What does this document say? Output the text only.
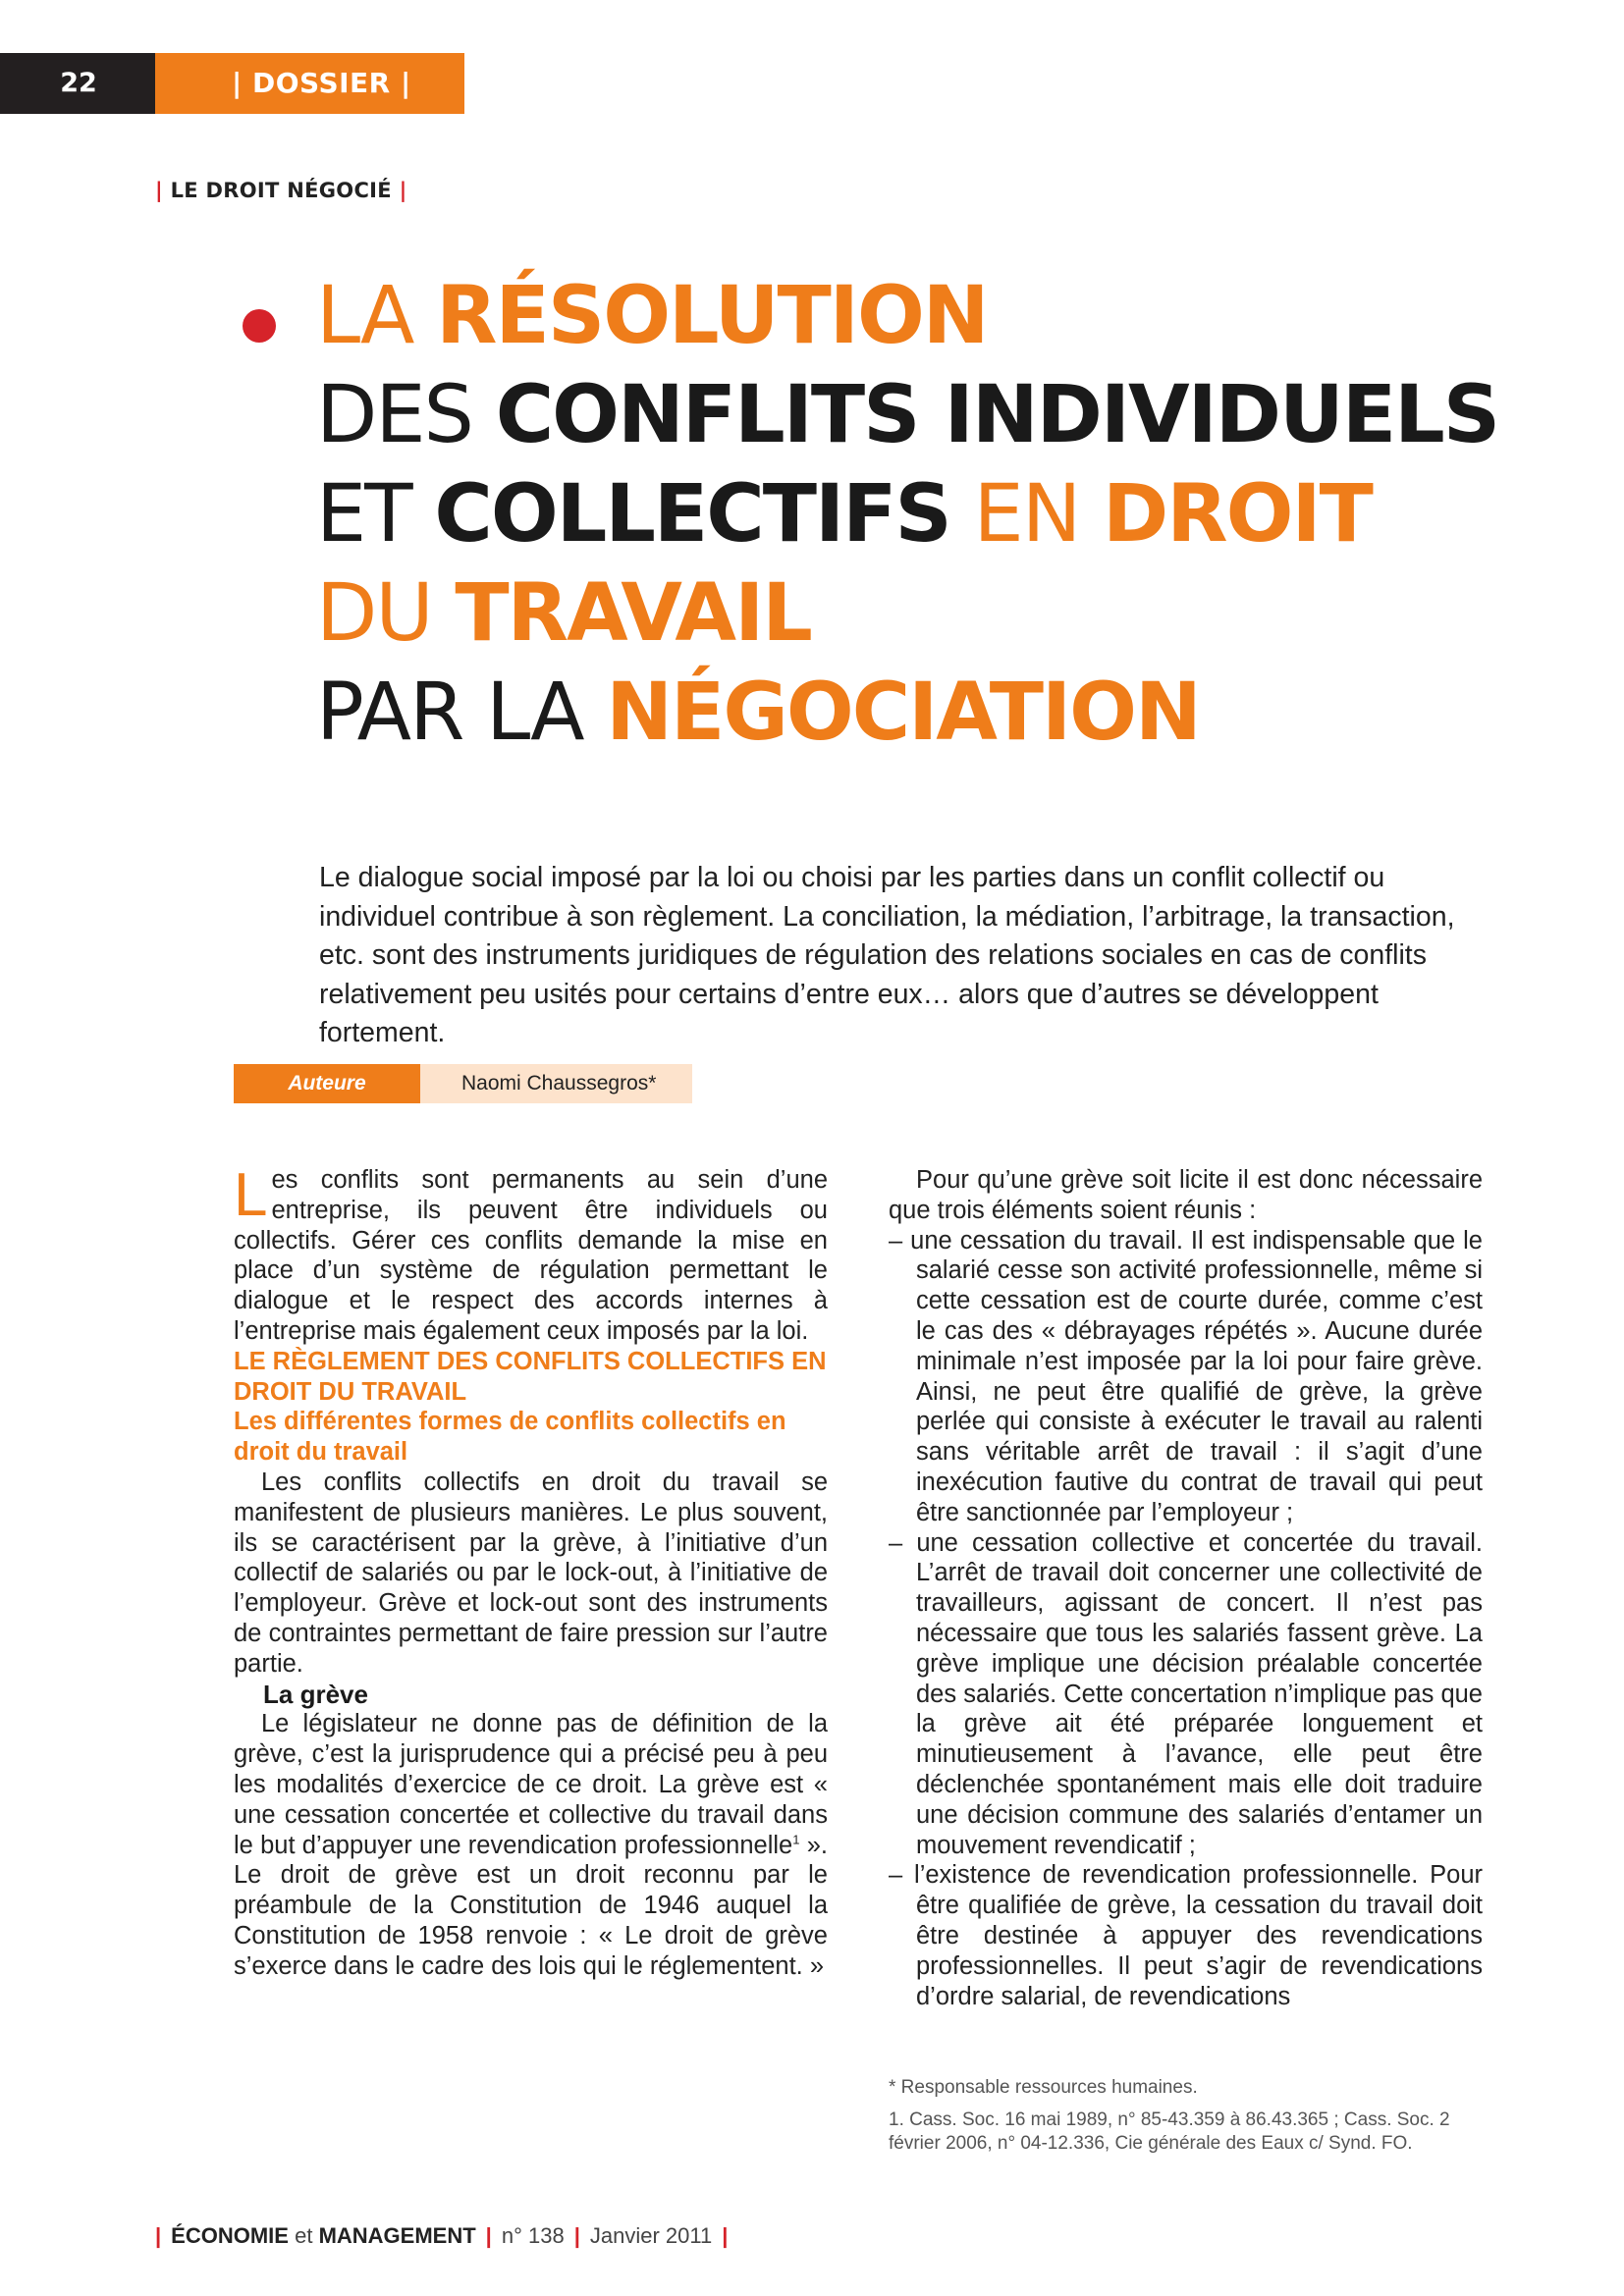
22	| DOSSIER |
| LE DROIT NÉGOCIÉ |
LA RÉSOLUTION
DES CONFLITS INDIVIDUELS
ET COLLECTIFS EN DROIT
DU TRAVAIL
PAR LA NÉGOCIATION

Le dialogue social imposé par la loi ou choisi par les parties dans un conflit collectif ou individuel contribue à son règlement. La conciliation, la médiation, l’arbitrage, la transaction, etc. sont des instruments juridiques de régulation des relations sociales en cas de conflits relativement peu usités pour certains d’entre eux… alors que d’autres se développent fortement.

Auteure	Naomi Chaussegros*

Les conflits sont permanents au sein d’une entreprise, ils peuvent être individuels ou collectifs. Gérer ces conflits demande la mise en place d’un système de régulation permettant le dialogue et le respect des accords internes à l’entreprise mais également ceux imposés par la loi.

LE RÈGLEMENT DES CONFLITS COLLECTIFS EN DROIT DU TRAVAIL

Les différentes formes de conflits collectifs en droit du travail

Les conflits collectifs en droit du travail se manifestent de plusieurs manières. Le plus souvent, ils se caractérisent par la grève, à l’initiative d’un collectif de salariés ou par le lock-out, à l’initiative de l’employeur. Grève et lock-out sont des instruments de contraintes permettant de faire pression sur l’autre partie.

La grève

Le législateur ne donne pas de définition de la grève, c’est la jurisprudence qui a précisé peu à peu les modalités d’exercice de ce droit. La grève est « une cessation concertée et collective du travail dans le but d’appuyer une revendication professionnelle$^1$ ». Le droit de grève est un droit reconnu par le préambule de la Constitution de 1946 auquel la Constitution de 1958 renvoie : « Le droit de grève s’exerce dans le cadre des lois qui le réglementent. »

Pour qu’une grève soit licite il est donc nécessaire que trois éléments soient réunis :

– une cessation du travail. Il est indispensable que le salarié cesse son activité professionnelle, même si cette cessation est de courte durée, comme c’est le cas des « débrayages répétés ». Aucune durée minimale n’est imposée par la loi pour faire grève. Ainsi, ne peut être qualifié de grève, la grève perlée qui consiste à exécuter le travail au ralenti sans véritable arrêt de travail : il s’agit d’une inexécution fautive du contrat de travail qui peut être sanctionnée par l’employeur ;

– une cessation collective et concertée du travail. L’arrêt de travail doit concerner une collectivité de travailleurs, agissant de concert. Il n’est pas nécessaire que tous les salariés fassent grève. La grève implique une décision préalable concertée des salariés. Cette concertation n’implique pas que la grève ait été préparée longuement et minutieusement à l’avance, elle peut être déclenchée spontanément mais elle doit traduire une décision commune des salariés d’entamer un mouvement revendicatif ;

– l’existence de revendication professionnelle. Pour être qualifiée de grève, la cessation du travail doit être destinée à appuyer des revendications professionnelles. Il peut s’agir de revendications d’ordre salarial, de revendications

* Responsable ressources humaines.

1. Cass. Soc. 16 mai 1989, n° 85-43.359 à 86.43.365 ; Cass. Soc. 2 février 2006, n° 04-12.336, Cie générale des Eaux c/ Synd. FO.

| ÉCONOMIE et MANAGEMENT | n° 138 | Janvier 2011 |
